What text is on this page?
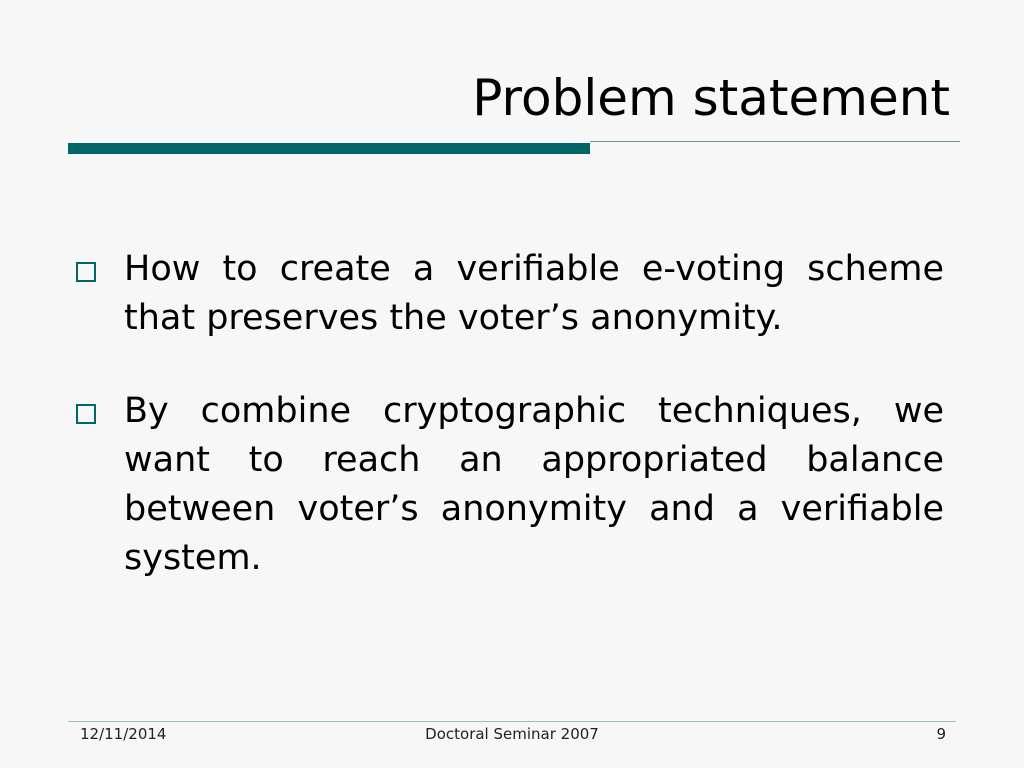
Problem statement
How to create a verifiable e-voting scheme that preserves the voter’s anonymity.
By combine cryptographic techniques, we want to reach an appropriated balance between voter’s anonymity and a verifiable system.
12/11/2014	Doctoral Seminar 2007	9
